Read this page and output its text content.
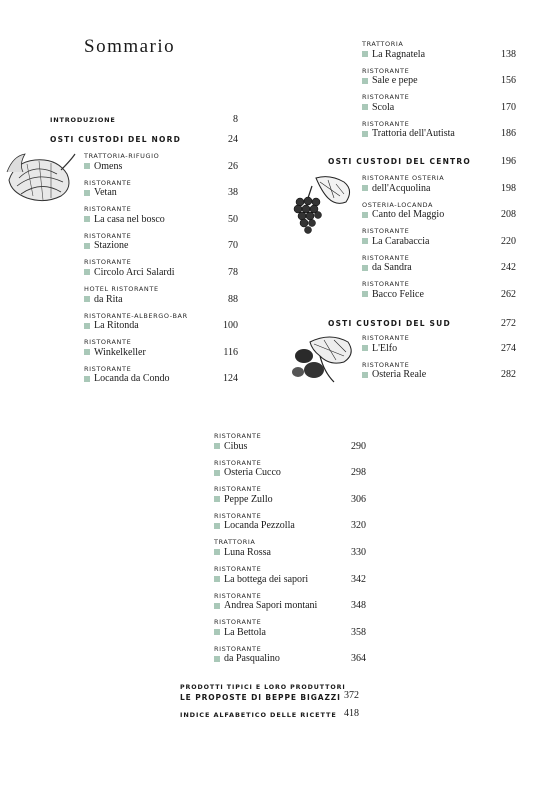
Sommario
INTRODUZIONE	8
OSTI CUSTODI DEL NORD	24
TRATTORIA-RIFUGIO
Omens	26
RISTORANTE
Vetan	38
RISTORANTE
La casa nel bosco	50
RISTORANTE
Stazione	70
RISTORANTE
Circolo Arci Salardi	78
HOTEL RISTORANTE
da Rita	88
RISTORANTE-ALBERGO-BAR
La Ritonda	100
RISTORANTE
Winkelkeller	116
RISTORANTE
Locanda da Condo	124
TRATTORIA
La Ragnatela	138
RISTORANTE
Sale e pepe	156
RISTORANTE
Scola	170
RISTORANTE
Trattoria dell'Autista	186
OSTI CUSTODI DEL CENTRO	196
RISTORANTE OSTERIA
dell'Acquolina	198
OSTERIA-LOCANDA
Canto del Maggio	208
RISTORANTE
La Carabaccia	220
RISTORANTE
da Sandra	242
RISTORANTE
Bacco Felice	262
OSTI CUSTODI DEL SUD	272
RISTORANTE
L'Elfo	274
RISTORANTE
Osteria Reale	282
RISTORANTE
Cibus	290
RISTORANTE
Osteria Cucco	298
RISTORANTE
Peppe Zullo	306
RISTORANTE
Locanda Pezzolla	320
TRATTORIA
Luna Rossa	330
RISTORANTE
La bottega dei sapori	342
RISTORANTE
Andrea Sapori montani	348
RISTORANTE
La Bettola	358
RISTORANTE
da Pasqualino	364
PRODOTTI TIPICI E LORO PRODUTTORI
LE PROPOSTE DI BEPPE BIGAZZI 372
INDICE ALFABETICO DELLE RICETTE 418
